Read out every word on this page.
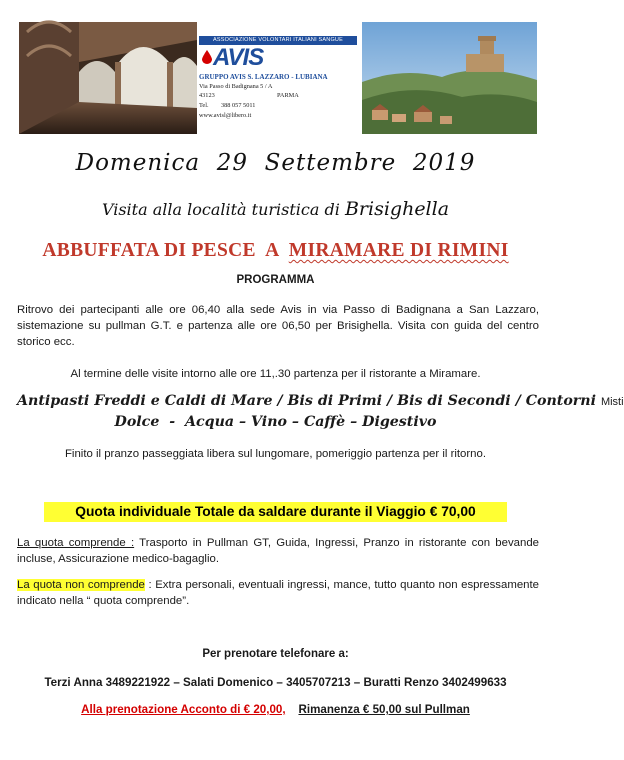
ASSOCIAZIONE VOLONTARI ITALIANI SANGUE
AVIS
GRUPPO AVIS S. LAZZARO - LUBIANA
Via Passo di Badignana 5 / A
43123	PARMA
Tel. 388 057 5011
www.avisl@libero.it
Domenica  29  Settembre  2019
Visita alla località turistica di Brisighella
ABBUFFATA DI PESCE  A  MIRAMARE DI RIMINI
PROGRAMMA
Ritrovo dei partecipanti alle ore 06,40 alla sede Avis in via Passo di Badignana a San Lazzaro, sistemazione su pullman G.T. e partenza alle ore 06,50 per Brisighella. Visita con guida del centro storico ecc.
Al termine delle visite intorno alle ore 11,.30 partenza per il ristorante a Miramare.
Antipasti Freddi e Caldi di Mare / Bis di Primi / Bis di Secondi / Contorni Misti
Dolce  -  Acqua – Vino – Caffè – Digestivo
Finito il pranzo passeggiata libera sul lungomare, pomeriggio partenza per il ritorno.
Quota individuale Totale da saldare durante il Viaggio € 70,00
La quota comprende : Trasporto in Pullman GT, Guida, Ingressi, Pranzo in ristorante con bevande incluse, Assicurazione medico-bagaglio.
La quota non comprende : Extra personali, eventuali ingressi, mance, tutto quanto non espressamente indicato nella “ quota comprende”.
Per prenotare telefonare a:
Terzi Anna 3489221922 – Salati Domenico – 3405707213 – Buratti Renzo 3402499633
Alla prenotazione Acconto di € 20,00, Rimanenza € 50,00 sul Pullman
